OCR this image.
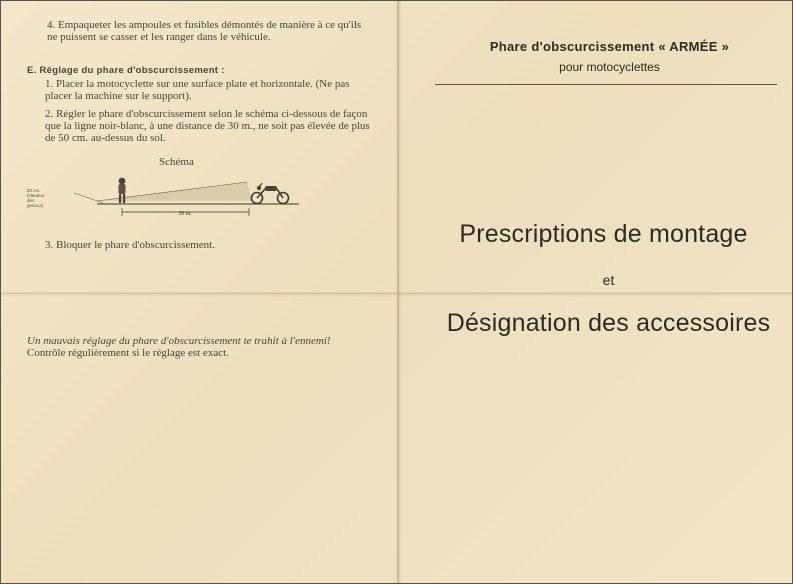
4. Empaqueter les ampoules et fusibles démontés de manière à ce qu'ils ne puissent se casser et les ranger dans le véhicule.
E. Réglage du phare d'obscurcissement :
1. Placer la motocyclette sur une surface plate et horizontale. (Ne pas placer la machine sur le support).
2. Régler le phare d'obscurcissement selon le schéma ci-dessous de façon que la ligne noir-blanc, à une distance de 30 m., ne soit pas élevée de plus de 50 cm. au-dessus du sol.
Schéma
30 m.
50 cm. (Hauteur des genoux)
3. Bloquer le phare d'obscurcissement.
Un mauvais réglage du phare d'obscurcissement te trahit à l'ennemi! Contrôle régulièrement si le réglage est exact.
Phare d'obscurcissement « ARMÉE »
pour motocyclettes
Prescriptions de montage
et
Désignation des accessoires
